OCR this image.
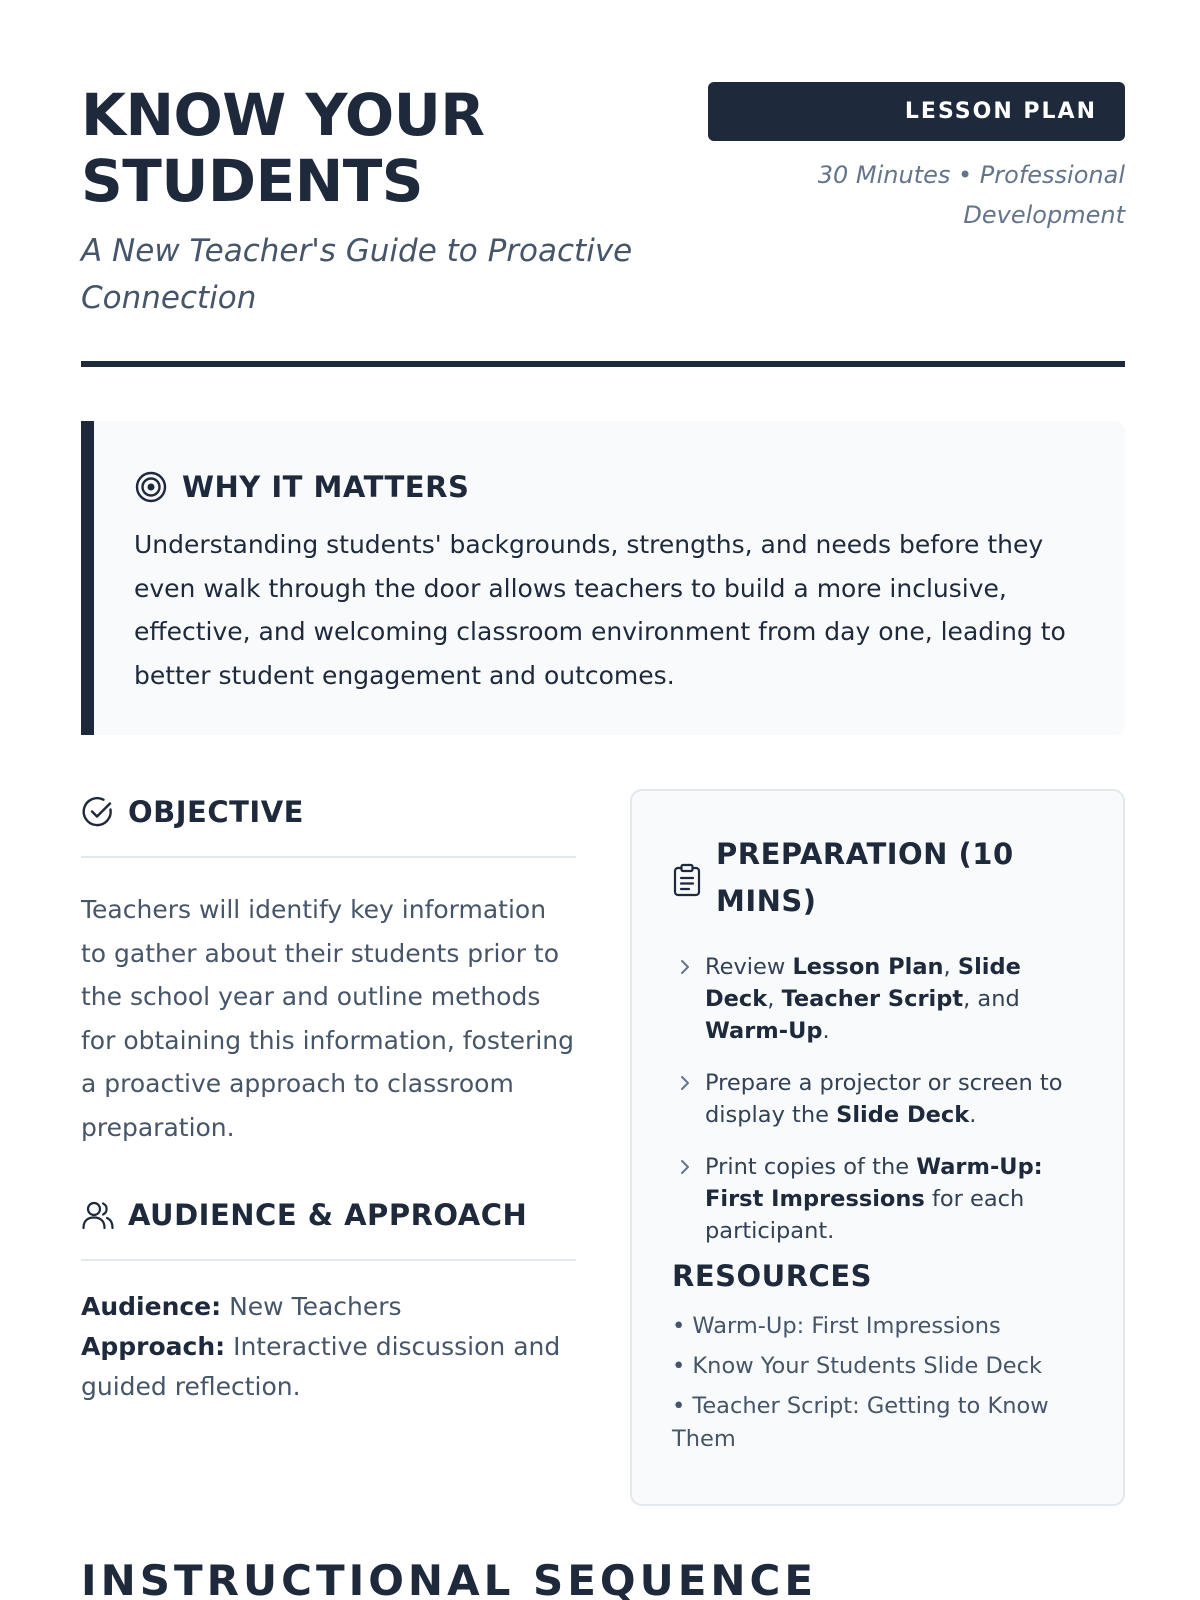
KNOW YOUR
STUDENTS
A New Teacher's Guide to Proactive Connection
LESSON PLAN
30 Minutes • Professional
Development
WHY IT MATTERS

Understanding students' backgrounds, strengths, and needs before they even walk through the door allows teachers to build a more inclusive, effective, and welcoming classroom environment from day one, leading to better student engagement and outcomes.

OBJECTIVE

Teachers will identify key information to gather about their students prior to the school year and outline methods for obtaining this information, fostering a proactive approach to classroom preparation.

AUDIENCE & APPROACH
Audience: New Teachers
Approach: Interactive discussion and guided reflection.
PREPARATION (10 MINS)
Review Lesson Plan, Slide Deck, Teacher Script, and Warm-Up.
Prepare a projector or screen to display the Slide Deck.
Print copies of the Warm-Up: First Impressions for each participant.
RESOURCES
• Warm-Up: First Impressions
• Know Your Students Slide Deck
• Teacher Script: Getting to Know Them
INSTRUCTIONAL SEQUENCE
